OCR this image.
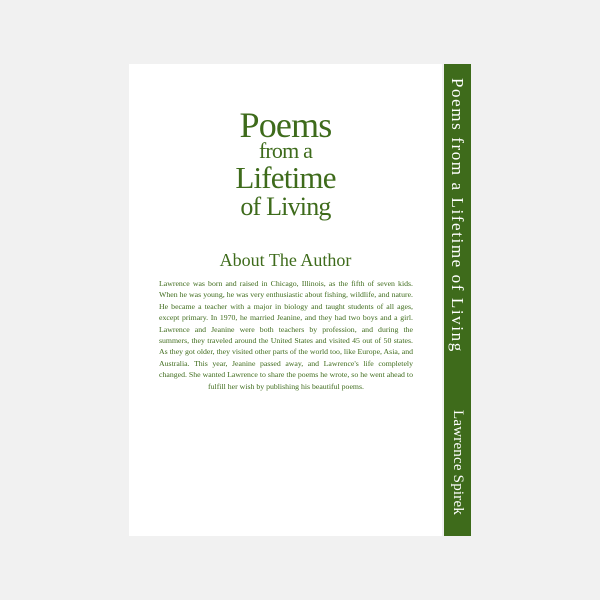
Poems
from a
Lifetime
of Living
About The Author

Lawrence was born and raised in Chicago, Illinois, as the fifth of seven kids. When he was young, he was very enthusiastic about fishing, wildlife, and nature. He became a teacher with a major in biology and taught students of all ages, except primary. In 1970, he married Jeanine, and they had two boys and a girl. Lawrence and Jeanine were both teachers by profession, and during the summers, they traveled around the United States and visited 45 out of 50 states. As they got older, they visited other parts of the world too, like Europe, Asia, and Australia. This year, Jeanine passed away, and Lawrence's life completely changed. She wanted Lawrence to share the poems he wrote, so he went ahead to fulfill her wish by publishing his beautiful poems.

Poems from a Lifetime of Living
Lawrence Spirek
